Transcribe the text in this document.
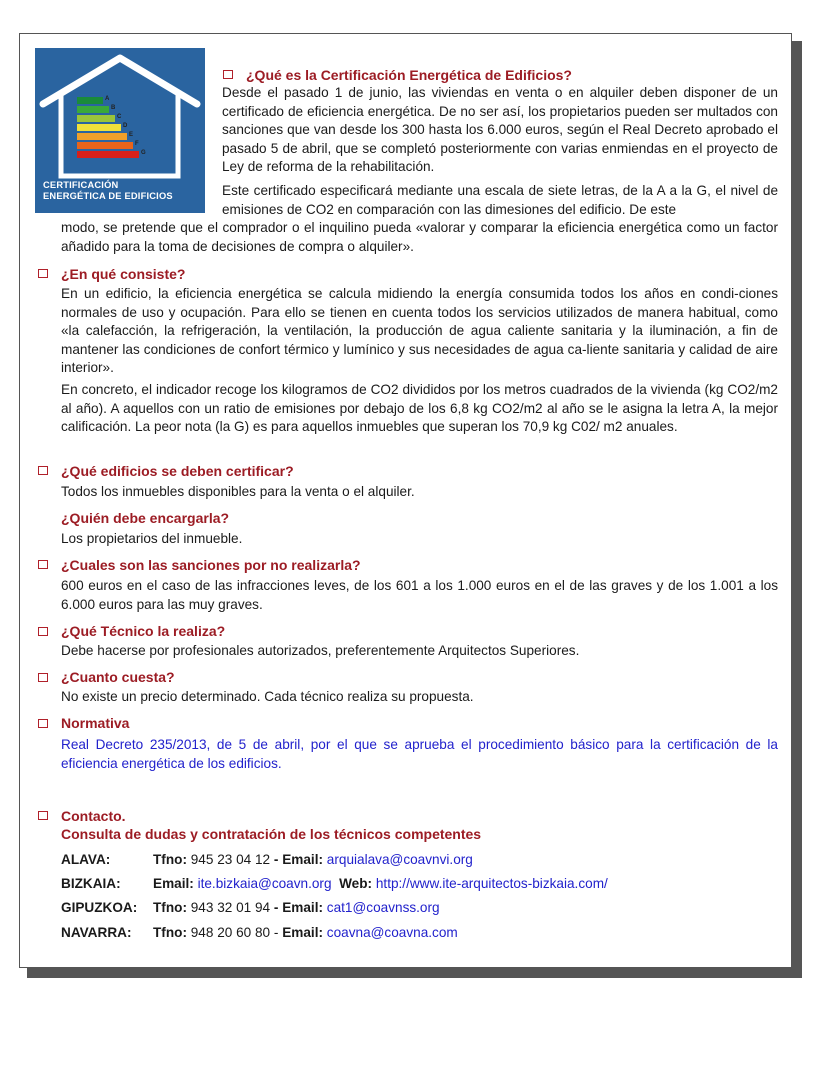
A
B
C
D
E
F
G
CERTIFICACIÓN
ENERGÉTICA DE EDIFICIOS
¿Qué es la Certificación Energética de Edificios?
Desde el pasado 1 de junio, las viviendas en venta o en alquiler deben disponer de un certificado de eficiencia energética. De no ser así, los propietarios pueden ser multados con sanciones que van desde los 300 hasta los 6.000 euros, según el Real Decreto aprobado el pasado 5 de abril, que se completó posteriormente con varias enmiendas en el proyecto de Ley de reforma de la rehabilitación.
Este certificado especificará mediante una escala de siete letras, de la A a la G, el nivel de emisiones de CO2 en comparación con las dimesiones del edificio. De este
modo, se pretende que el comprador o el inquilino pueda «valorar y comparar la eficiencia energética como un factor añadido para la toma de decisiones de compra o alquiler».
¿En qué consiste?
En un edificio, la eficiencia energética se calcula midiendo la energía consumida todos los años en condi-ciones normales de uso y ocupación. Para ello se tienen en cuenta todos los servicios utilizados de manera habitual, como «la calefacción, la refrigeración, la ventilación, la producción de agua caliente sanitaria y la iluminación, a fin de mantener las condiciones de confort térmico y lumínico y sus necesidades de agua ca-liente sanitaria y calidad de aire interior».
En concreto, el indicador recoge los kilogramos de CO2 divididos por los metros cuadrados de la vivienda (kg CO2/m2 al año). A aquellos con un ratio de emisiones por debajo de los 6,8 kg CO2/m2 al año se le asigna la letra A, la mejor calificación. La peor nota (la G) es para aquellos inmuebles que superan los 70,9 kg C02/ m2 anuales.
¿Qué edificios se deben certificar?
Todos los inmuebles disponibles para la venta o el alquiler.
¿Quién debe encargarla?
Los propietarios del inmueble.
¿Cuales son las sanciones por no realizarla?
600 euros en el caso de las infracciones leves, de los 601 a los 1.000 euros en el de las graves y de los 1.001 a los 6.000 euros para las muy graves.
¿Qué Técnico la realiza?
Debe hacerse por profesionales autorizados, preferentemente Arquitectos Superiores.
¿Cuanto cuesta?
No existe un precio determinado. Cada técnico realiza su propuesta.
Normativa
Real Decreto 235/2013, de 5 de abril, por el que se aprueba el procedimiento básico para la certificación de la eficiencia energética de los edificios.
Contacto.
Consulta de dudas y contratación de los técnicos competentes
ALAVA:	Tfno: 945 23 04 12 - Email: arquialava@coavnvi.org
BIZKAIA: Email: ite.bizkaia@coavn.org Web: http://www.ite-arquitectos-bizkaia.com/
GIPUZKOA: Tfno: 943 32 01 94 - Email: cat1@coavnss.org
NAVARRA: Tfno: 948 20 60 80 - Email: coavna@coavna.com
